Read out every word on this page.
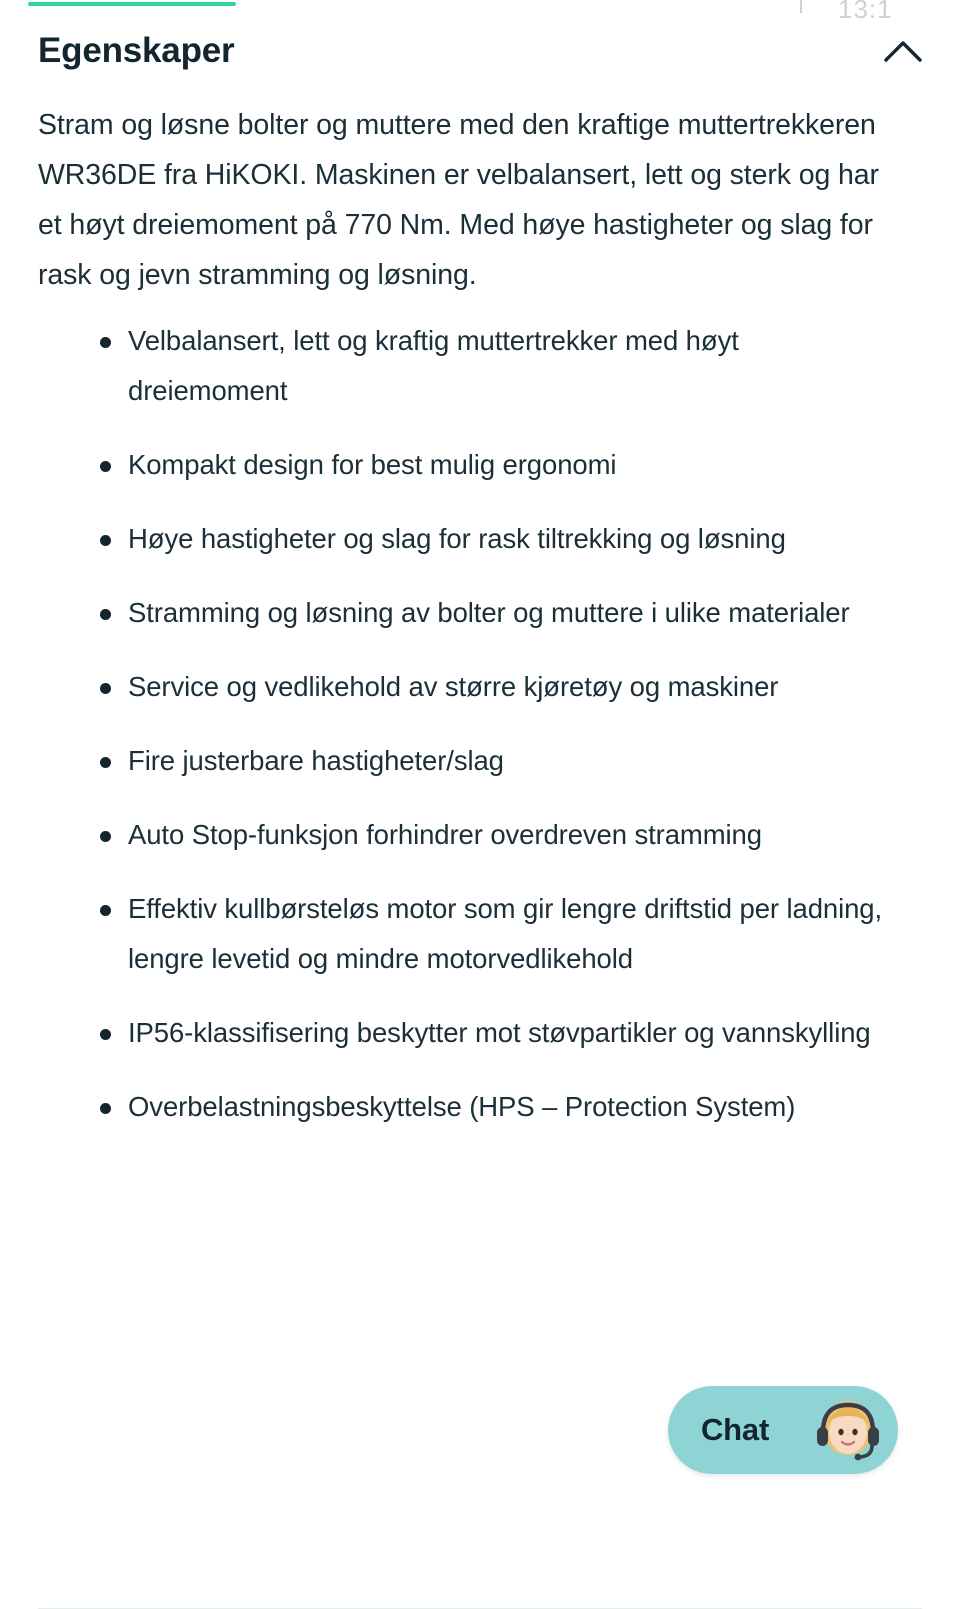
13:1
Egenskaper

Stram og løsne bolter og muttere med den kraftige muttertrekkeren WR36DE fra HiKOKI. Maskinen er velbalansert, lett og sterk og har et høyt dreiemoment på 770 Nm. Med høye hastigheter og slag for rask og jevn stramming og løsning.

Velbalansert, lett og kraftig muttertrekker med høyt dreiemoment
Kompakt design for best mulig ergonomi
Høye hastigheter og slag for rask tiltrekking og løsning
Stramming og løsning av bolter og muttere i ulike materialer
Service og vedlikehold av større kjøretøy og maskiner
Fire justerbare hastigheter/slag
Auto Stop-funksjon forhindrer overdreven stramming
Effektiv kullbørsteløs motor som gir lengre driftstid per ladning, lengre levetid og mindre motorvedlikehold
IP56-klassifisering beskytter mot støvpartikler og vannskylling
Overbelastningsbeskyttelse (HPS – Protection System)
Chat
